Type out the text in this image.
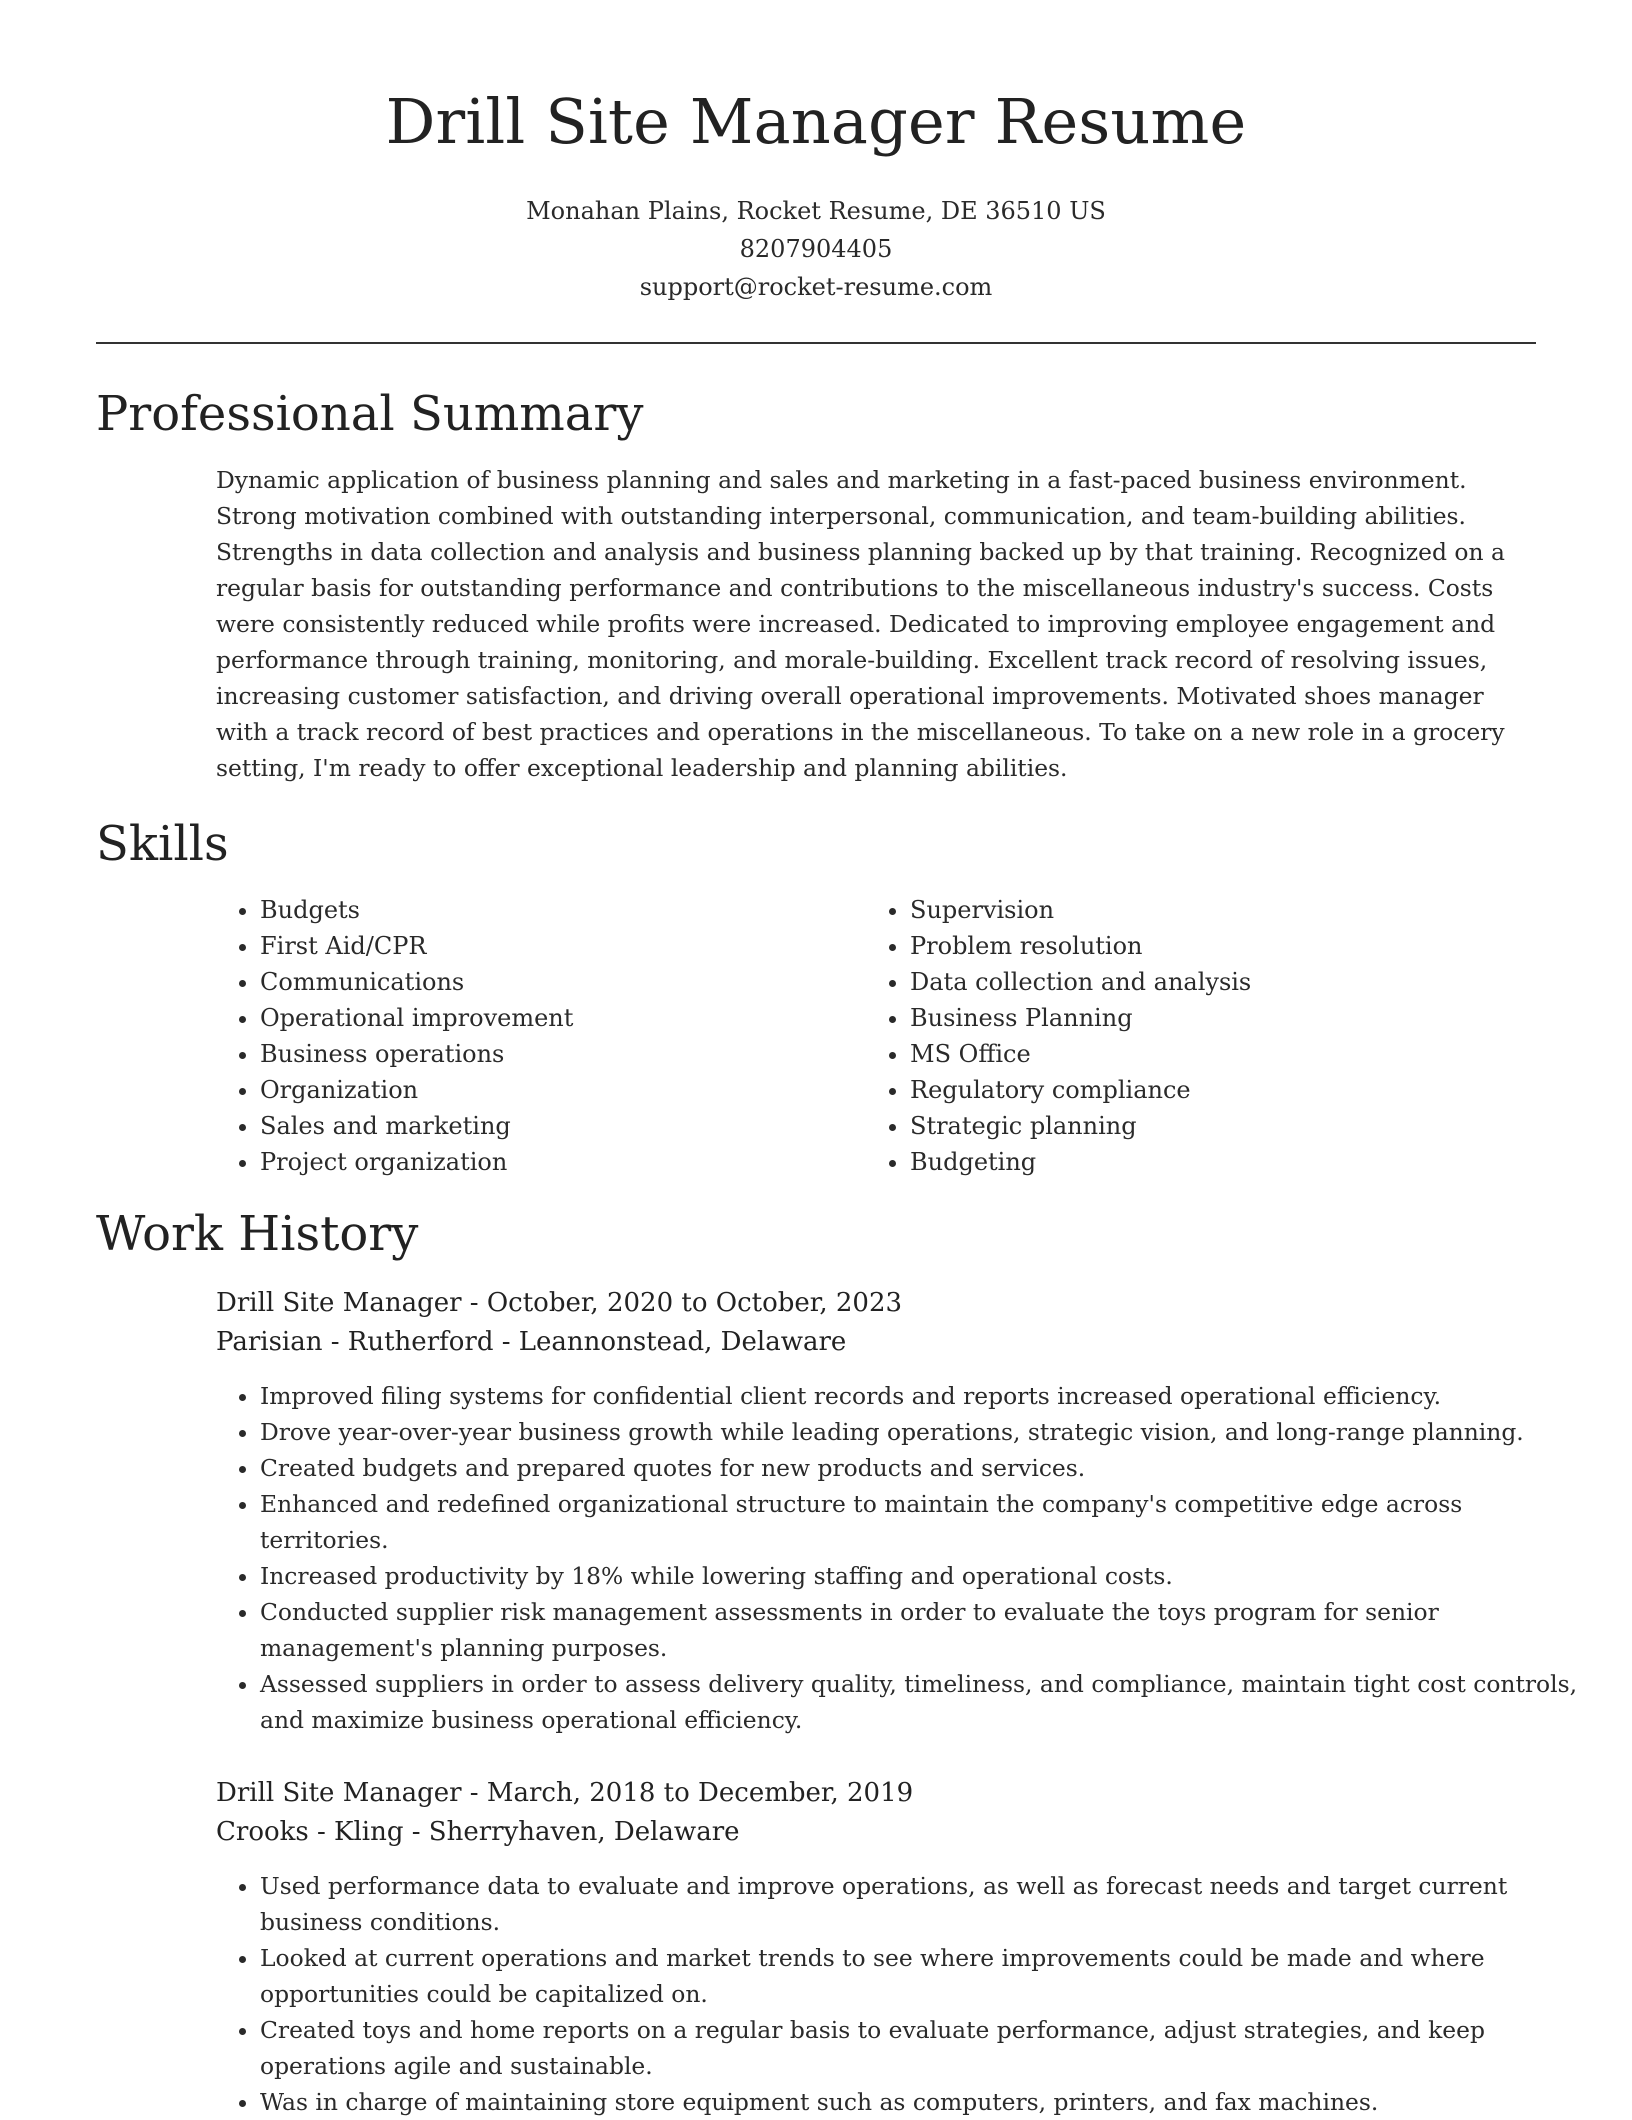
Drill Site Manager Resume
Monahan Plains, Rocket Resume, DE 36510 US
8207904405
support@rocket-resume.com
Professional Summary

Dynamic application of business planning and sales and marketing in a fast-paced business environment. Strong motivation combined with outstanding interpersonal, communication, and team-building abilities. Strengths in data collection and analysis and business planning backed up by that training. Recognized on a regular basis for outstanding performance and contributions to the miscellaneous industry's success. Costs were consistently reduced while profits were increased. Dedicated to improving employee engagement and performance through training, monitoring, and morale-building. Excellent track record of resolving issues, increasing customer satisfaction, and driving overall operational improvements. Motivated shoes manager with a track record of best practices and operations in the miscellaneous. To take on a new role in a grocery setting, I'm ready to offer exceptional leadership and planning abilities.

Skills
• Budgets
• First Aid/CPR
• Communications
• Operational improvement
• Business operations
• Organization
• Sales and marketing
• Project organization
• Supervision
• Problem resolution
• Data collection and analysis
• Business Planning
• MS Office
• Regulatory compliance
• Strategic planning
• Budgeting
Work History
Drill Site Manager - October, 2020 to October, 2023
Parisian - Rutherford - Leannonstead, Delaware
• Improved filing systems for confidential client records and reports increased operational efficiency.
• Drove year-over-year business growth while leading operations, strategic vision, and long-range planning.
• Created budgets and prepared quotes for new products and services.
• Enhanced and redefined organizational structure to maintain the company's competitive edge across territories.
• Increased productivity by 18% while lowering staffing and operational costs.
• Conducted supplier risk management assessments in order to evaluate the toys program for senior management's planning purposes.
• Assessed suppliers in order to assess delivery quality, timeliness, and compliance, maintain tight cost controls, and maximize business operational efficiency.
Drill Site Manager - March, 2018 to December, 2019
Crooks - Kling - Sherryhaven, Delaware
• Used performance data to evaluate and improve operations, as well as forecast needs and target current business conditions.
• Looked at current operations and market trends to see where improvements could be made and where opportunities could be capitalized on.
• Created toys and home reports on a regular basis to evaluate performance, adjust strategies, and keep operations agile and sustainable.
• Was in charge of maintaining store equipment such as computers, printers, and fax machines.
